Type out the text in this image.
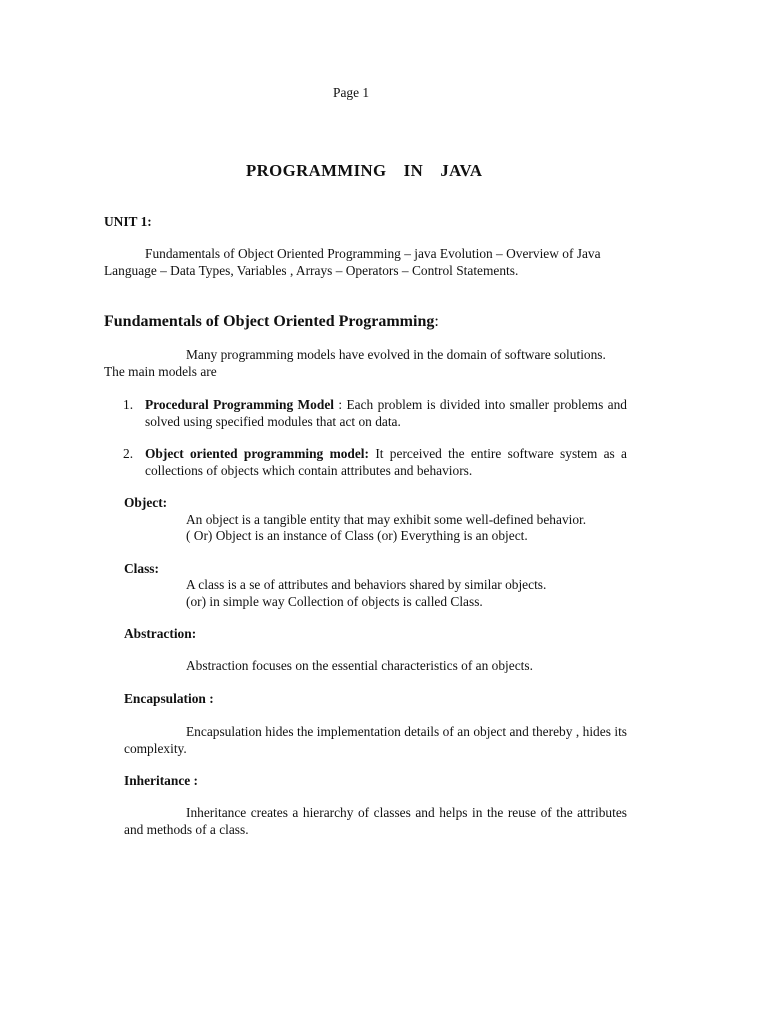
Page 1
PROGRAMMING  IN  JAVA
UNIT 1:
Fundamentals of Object Oriented Programming – java Evolution – Overview of Java Language – Data Types, Variables , Arrays – Operators – Control Statements.
Fundamentals of Object Oriented Programming:
Many programming models have evolved in the domain of software solutions. The main models are
1. Procedural Programming Model : Each problem is divided into smaller problems and solved using specified modules that act on data.
2. Object oriented programming model: It perceived the entire software system as a collections of objects which contain attributes and behaviors.
Object:
An object is a tangible entity that may exhibit some well-defined behavior.
( Or) Object is an instance of Class (or) Everything is an object.
Class:
A class is a se of attributes and behaviors shared by similar objects.
(or) in simple way Collection of objects is called Class.
Abstraction:
Abstraction focuses on the essential characteristics of an objects.
Encapsulation :
Encapsulation hides the implementation details of an object and thereby , hides its complexity.
Inheritance :
Inheritance creates a hierarchy of classes and helps in the reuse of the attributes and methods of a class.
